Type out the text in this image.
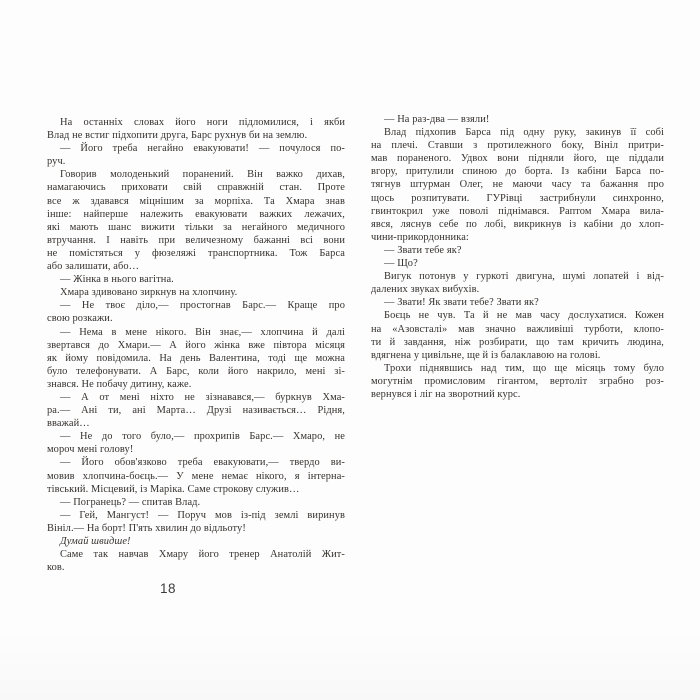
На останніх словах його ноги підломилися, і якби
Влад не встиг підхопити друга, Барс рухнув би на землю.
— Його треба негайно евакуювати! — почулося по-
руч.
Говорив молоденький поранений. Він важко дихав,
намагаючись приховати свій справжній стан. Проте
все ж здавався міцнішим за морпіха. Та Хмара знав
інше: найперше належить евакуювати важких лежачих,
які мають шанс вижити тільки за негайного медичного
втручання. І навіть при величезному бажанні всі вони
не помістяться у фюзеляжі транспортника. Тож Барса
або залишати, або…
— Жінка в нього вагітна.
Хмара здивовано зиркнув на хлопчину.
— Не твоє діло,— простогнав Барс.— Краще про
свою розкажи.
— Нема в мене нікого. Він знає,— хлопчина й далі
звертався до Хмари.— А його жінка вже півтора місяця
як йому повідомила. На день Валентина, тоді ще можна
було телефонувати. А Барс, коли його накрило, мені зі-
знався. Не побачу дитину, каже.
— А от мені ніхто не зізнавався,— буркнув Хма-
ра.— Ані ти, ані Марта… Друзі називається… Рідня,
вважай…
— Не до того було,— прохрипів Барс.— Хмаро, не
мороч мені голову!
— Його обов'язково треба евакуювати,— твердо ви-
мовив хлопчина-боєць.— У мене немає нікого, я інтерна-
тівський. Місцевий, із Маріка. Саме строкову служив…
— Погранець? — спитав Влад.
— Гей, Мангуст! — Поруч мов із-під землі виринув
Вініл.— На борт! П'ять хвилин до відльоту!
Думай швидше!
Саме так навчав Хмару його тренер Анатолій Жит-
ков.
— На раз-два — взяли!
Влад підхопив Барса під одну руку, закинув її собі
на плечі. Ставши з протилежного боку, Вініл притри-
мав пораненого. Удвох вони підняли його, ще піддали
вгору, притулили спиною до борта. Із кабіни Барса по-
тягнув штурман Олег, не маючи часу та бажання про
щось розпитувати. ГУРівці застрибнули синхронно,
гвинтокрил уже поволі піднімався. Раптом Хмара вила-
явся, ляснув себе по лобі, викрикнув із кабіни до хлоп-
чини-прикордонника:
— Звати тебе як?
— Що?
Вигук потонув у гуркоті двигуна, шумі лопатей і від-
далених звуках вибухів.
— Звати! Як звати тебе? Звати як?
Боєць не чув. Та й не мав часу дослухатися. Кожен
на «Азовсталі» мав значно важливіші турботи, клопо-
ти й завдання, ніж розбирати, що там кричить людина,
вдягнена у цивільне, ще й із балаклавою на голові.
Трохи піднявшись над тим, що ще місяць тому було
могутнім промисловим гігантом, вертоліт зграбно роз-
вернувся і ліг на зворотний курс.
18
